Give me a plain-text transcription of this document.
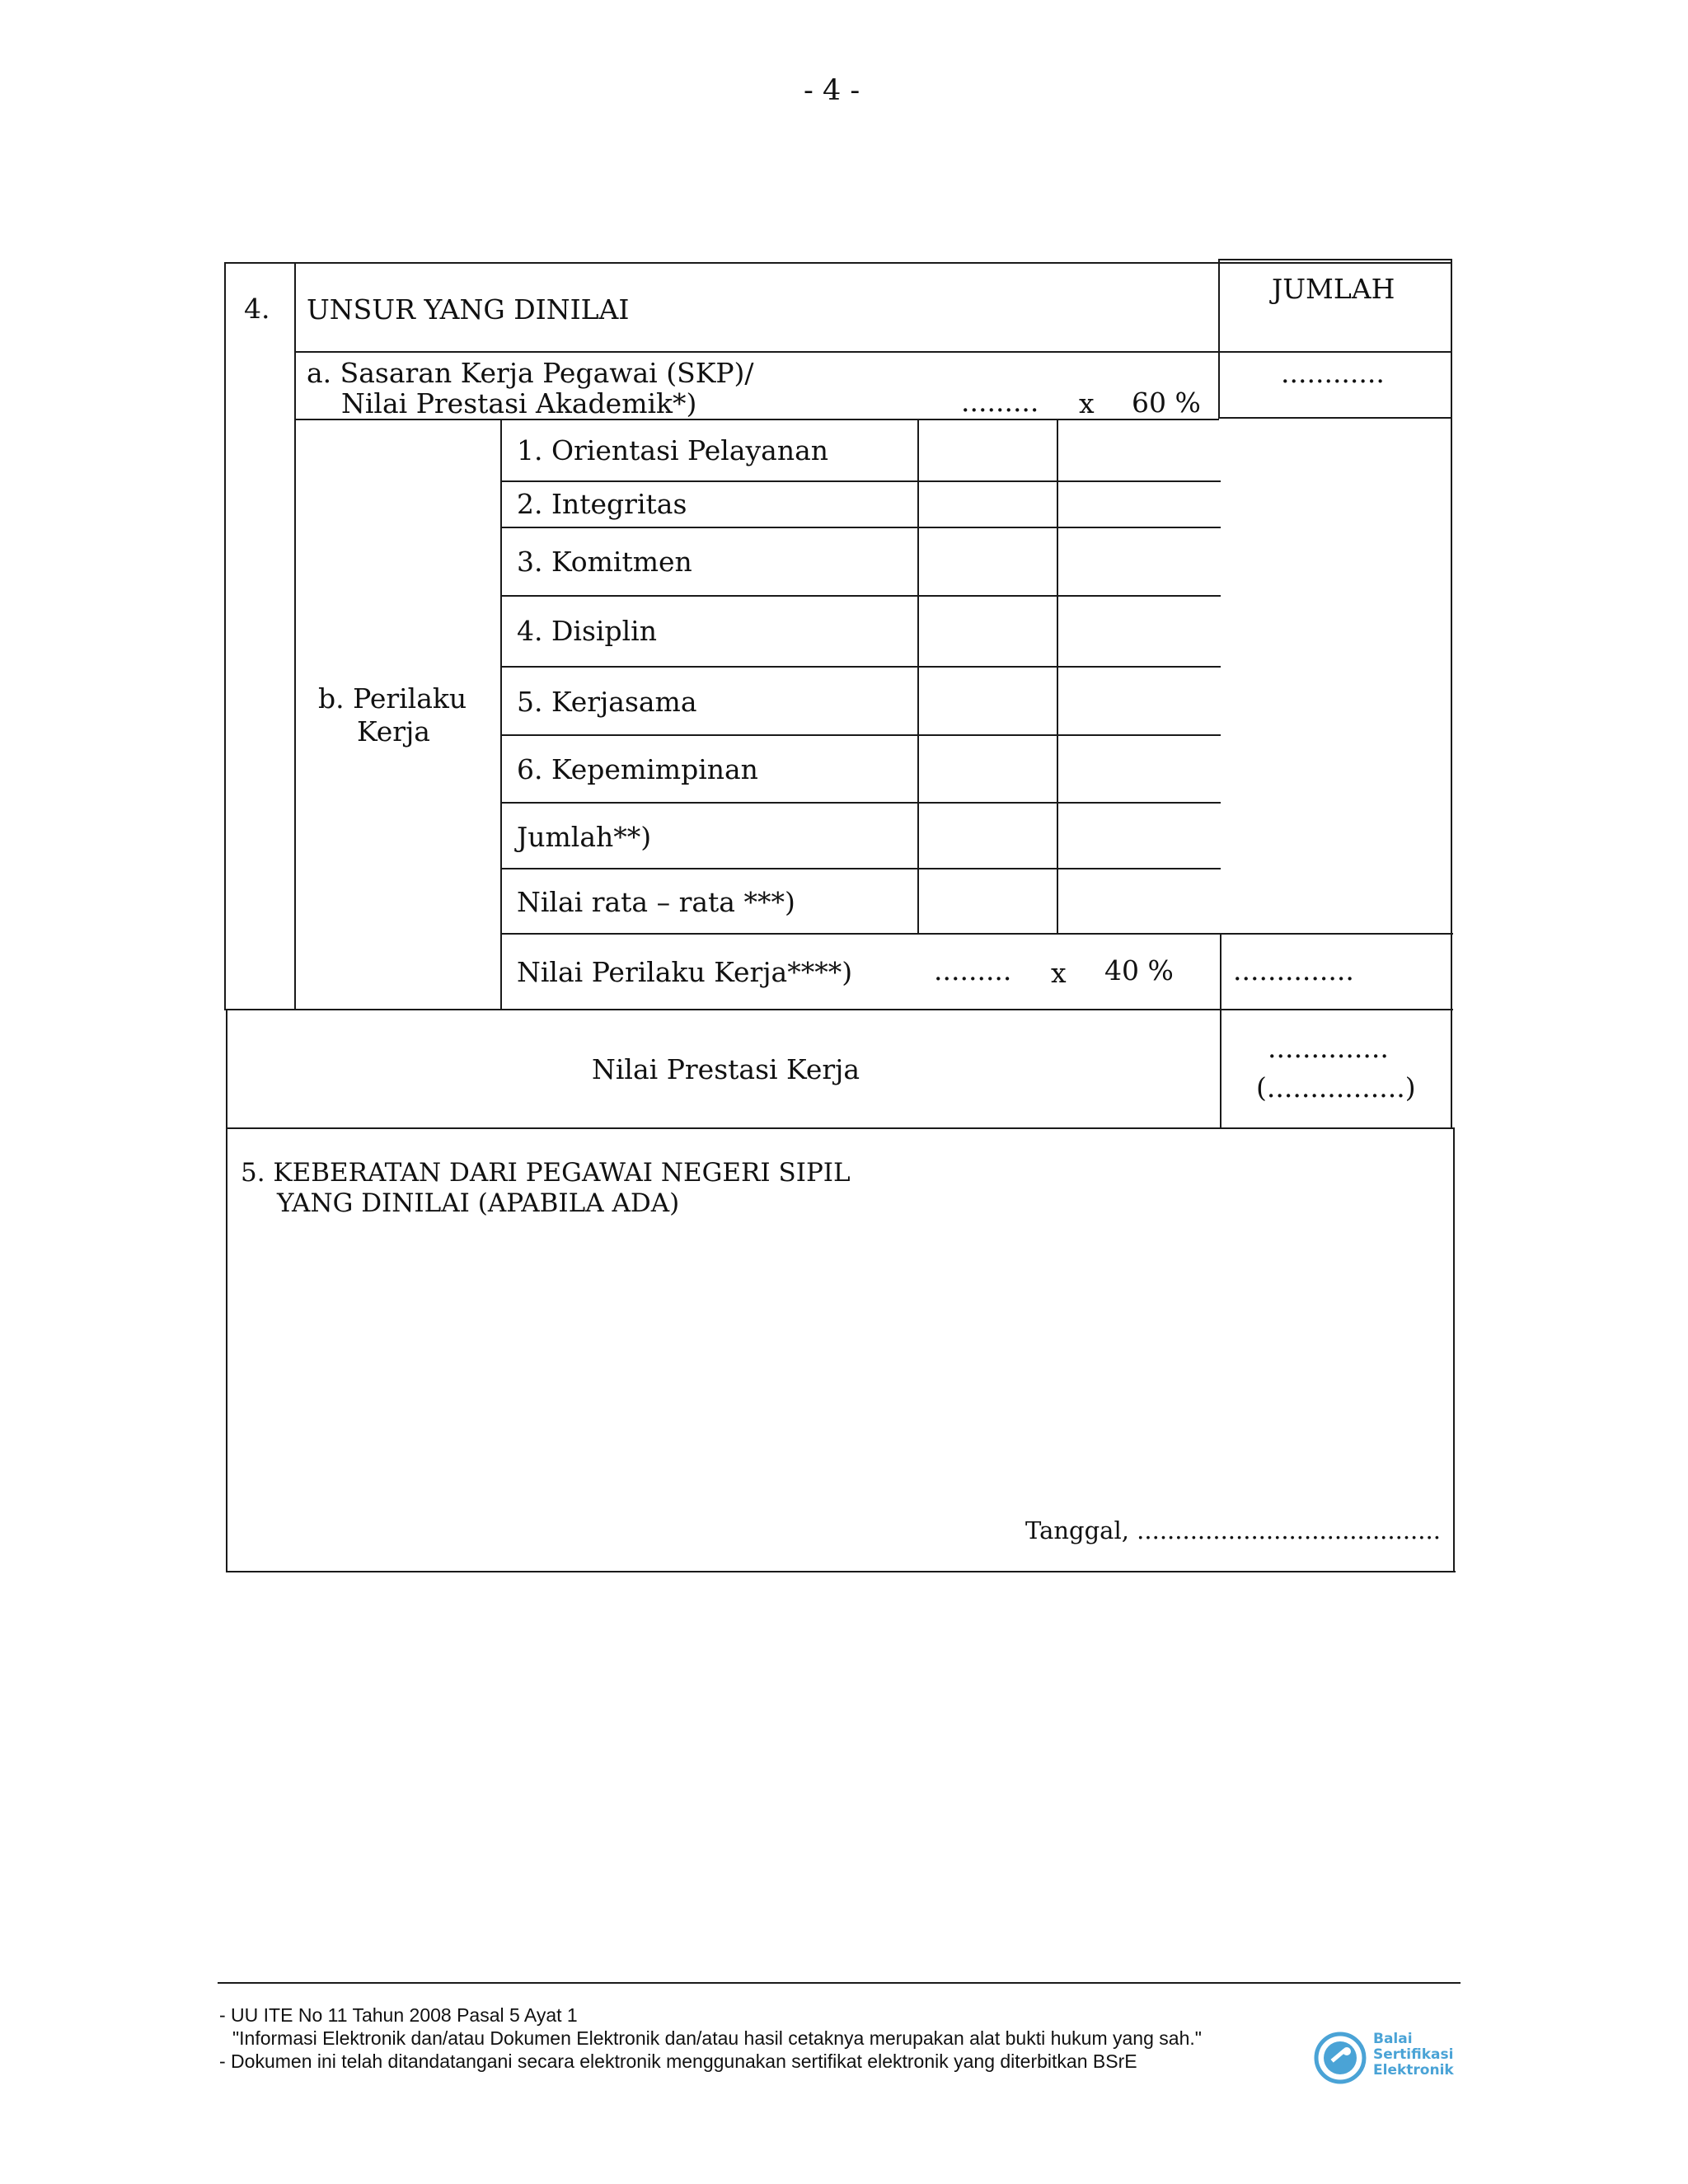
- 4 -
4. UNSUR YANG DINILAI
JUMLAH
a. Sasaran Kerja Pegawai (SKP)/
Nilai Prestasi Akademik*)	......... x 60 %
............
b. Perilaku
Kerja
1. Orientasi Pelayanan
2. Integritas
3. Komitmen
4. Disiplin
5. Kerjasama
6. Kepemimpinan
Jumlah**)
Nilai rata – rata ***)
Nilai Perilaku Kerja****)	......... x 40 % ..............
Nilai Prestasi Kerja
..............
(................)
5. KEBERATAN DARI PEGAWAI NEGERI SIPIL
YANG DINILAI (APABILA ADA)
Tanggal, ........................................
- UU ITE No 11 Tahun 2008 Pasal 5 Ayat 1
"Informasi Elektronik dan/atau Dokumen Elektronik dan/atau hasil cetaknya merupakan alat bukti hukum yang sah."
- Dokumen ini telah ditandatangani secara elektronik menggunakan sertifikat elektronik yang diterbitkan BSrE
Balai
Sertifikasi
Elektronik
